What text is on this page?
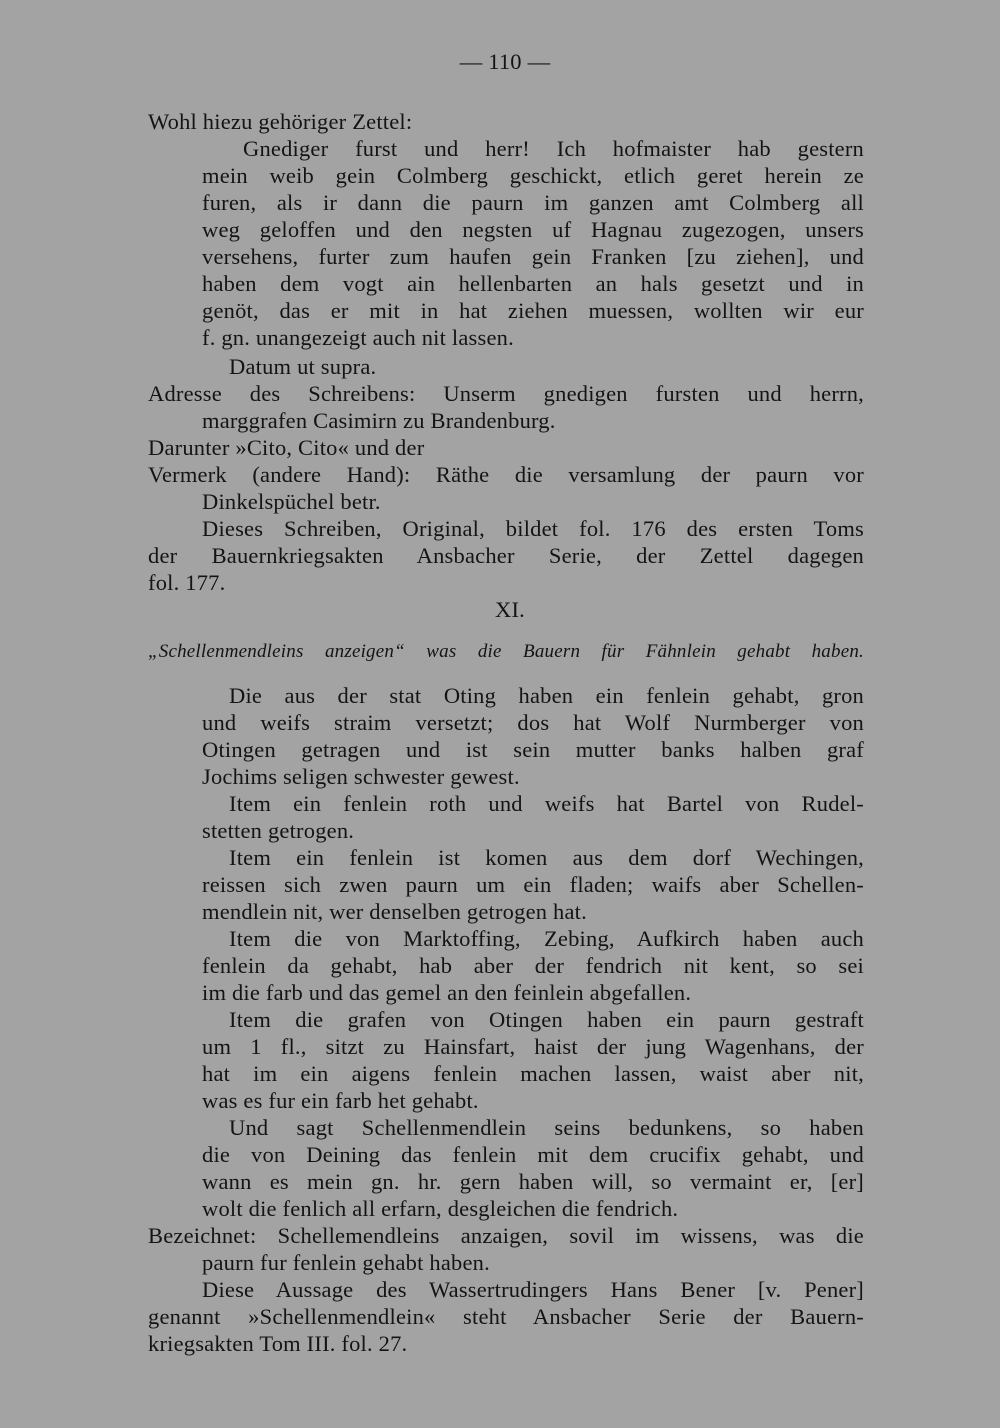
— 110 —
Wohl hiezu gehöriger Zettel:
Gnediger furst und herr! Ich hofmaister hab gestern
mein weib gein Colmberg geschickt, etlich geret herein ze
furen, als ir dann die paurn im ganzen amt Colmberg all
weg geloffen und den negsten uf Hagnau zugezogen, unsers
versehens, furter zum haufen gein Franken [zu ziehen], und
haben dem vogt ain hellenbarten an hals gesetzt und in
genöt, das er mit in hat ziehen muessen, wollten wir eur
f. gn. unangezeigt auch nit lassen.
Datum ut supra.
Adresse des Schreibens: Unserm gnedigen fursten und herrn,
marggrafen Casimirn zu Brandenburg.
Darunter »Cito, Cito« und der
Vermerk (andere Hand): Räthe die versamlung der paurn vor
Dinkelspüchel betr.
Dieses Schreiben, Original, bildet fol. 176 des ersten Toms
der Bauernkriegsakten Ansbacher Serie, der Zettel dagegen
fol. 177.
XI.
„Schellenmendleins anzeigen“ was die Bauern für Fähnlein gehabt haben.
Die aus der stat Oting haben ein fenlein gehabt, gron
und weifs straim versetzt; dos hat Wolf Nurmberger von
Otingen getragen und ist sein mutter banks halben graf
Jochims seligen schwester gewest.
Item ein fenlein roth und weifs hat Bartel von Rudel-
stetten getrogen.
Item ein fenlein ist komen aus dem dorf Wechingen,
reissen sich zwen paurn um ein fladen; waifs aber Schellen-
mendlein nit, wer denselben getrogen hat.
Item die von Marktoffing, Zebing, Aufkirch haben auch
fenlein da gehabt, hab aber der fendrich nit kent, so sei
im die farb und das gemel an den feinlein abgefallen.
Item die grafen von Otingen haben ein paurn gestraft
um 1 fl., sitzt zu Hainsfart, haist der jung Wagenhans, der
hat im ein aigens fenlein machen lassen, waist aber nit,
was es fur ein farb het gehabt.
Und sagt Schellenmendlein seins bedunkens, so haben
die von Deining das fenlein mit dem crucifix gehabt, und
wann es mein gn. hr. gern haben will, so vermaint er, [er]
wolt die fenlich all erfarn, desgleichen die fendrich.
Bezeichnet: Schellemendleins anzaigen, sovil im wissens, was die
paurn fur fenlein gehabt haben.
Diese Aussage des Wassertrudingers Hans Bener [v. Pener]
genannt »Schellenmendlein« steht Ansbacher Serie der Bauern-
kriegsakten Tom III. fol. 27.
